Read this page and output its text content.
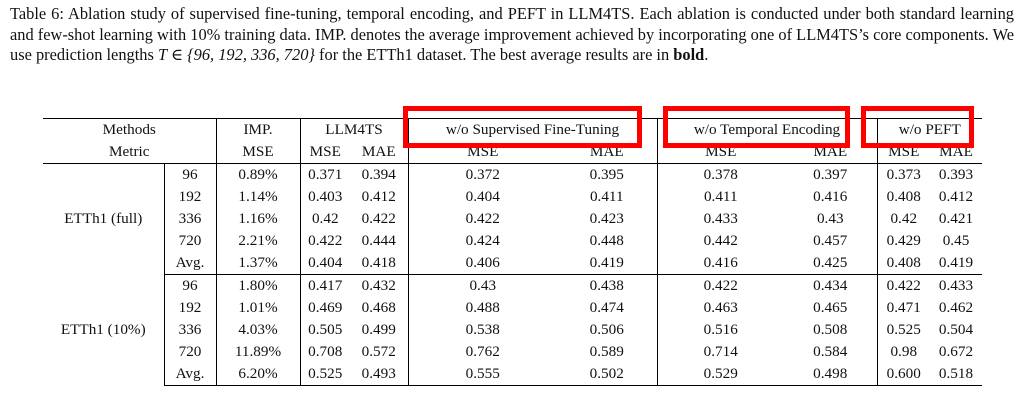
Table 6: Ablation study of supervised fine-tuning, temporal encoding, and PEFT in LLM4TS. Each ablation is conducted under both standard learning and few-shot learning with 10% training data. IMP. denotes the average improvement achieved by incorporating one of LLM4TS’s core components. We use prediction lengths T ∈ {96, 192, 336, 720} for the ETTh1 dataset. The best average results are in bold.
Methods		IMP.	LLM4TS		w/o Supervised Fine-Tuning		w/o Temporal Encoding		w/o PEFT	
Metric		MSE	MSE	MAE	MSE	MAE	MSE	MAE	MSE	MAE
ETTh1 (full)	96	0.89%	0.371	0.394	0.372	0.395	0.378	0.397	0.373	0.393
	192	1.14%	0.403	0.412	0.404	0.411	0.411	0.416	0.408	0.412
	336	1.16%	0.42	0.422	0.422	0.423	0.433	0.43	0.42	0.421
	720	2.21%	0.422	0.444	0.424	0.448	0.442	0.457	0.429	0.45
	Avg.	1.37%	0.404	0.418	0.406	0.419	0.416	0.425	0.408	0.419
ETTh1 (10%)	96	1.80%	0.417	0.432	0.43	0.438	0.422	0.434	0.422	0.433
	192	1.01%	0.469	0.468	0.488	0.474	0.463	0.465	0.471	0.462
	336	4.03%	0.505	0.499	0.538	0.506	0.516	0.508	0.525	0.504
	720	11.89%	0.708	0.572	0.762	0.589	0.714	0.584	0.98	0.672
	Avg.	6.20%	0.525	0.493	0.555	0.502	0.529	0.498	0.600	0.518
